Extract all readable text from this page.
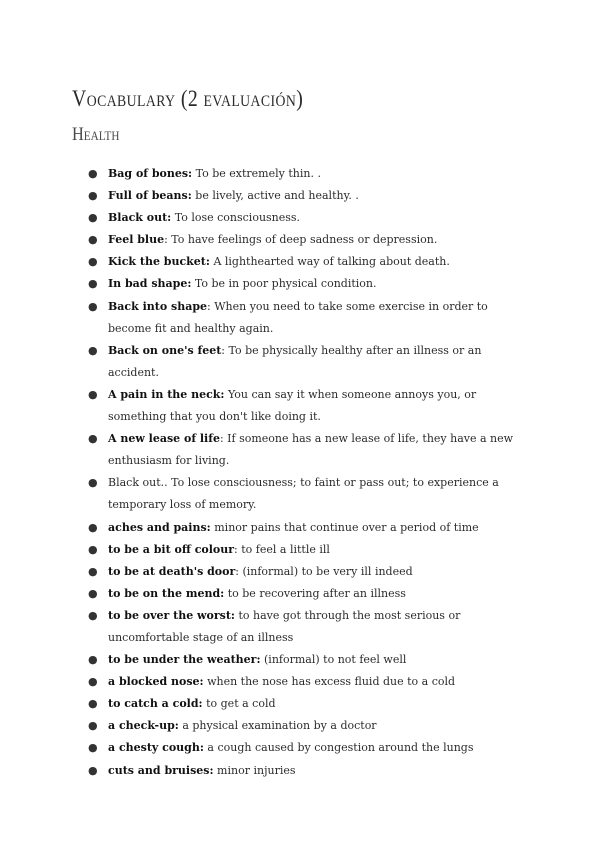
Vocabulary (2 evaluación)
Health
● Bag of bones: To be extremely thin. .
● Full of beans: be lively, active and healthy. .
● Black out: To lose consciousness.
● Feel blue: To have feelings of deep sadness or depression.
● Kick the bucket: A lighthearted way of talking about death.
● In bad shape: To be in poor physical condition.
● Back into shape: When you need to take some exercise in order to become fit and healthy again.
● Back on one's feet: To be physically healthy after an illness or an accident.
● A pain in the neck: You can say it when someone annoys you, or something that you don't like doing it.
● A new lease of life: If someone has a new lease of life, they have a new enthusiasm for living.
● Black out.. To lose consciousness; to faint or pass out; to experience a temporary loss of memory.
● aches and pains: minor pains that continue over a period of time
● to be a bit off colour: to feel a little ill
● to be at death's door: (informal) to be very ill indeed
● to be on the mend: to be recovering after an illness
● to be over the worst: to have got through the most serious or uncomfortable stage of an illness
● to be under the weather: (informal) to not feel well
● a blocked nose: when the nose has excess fluid due to a cold
● to catch a cold: to get a cold
● a check-up: a physical examination by a doctor
● a chesty cough: a cough caused by congestion around the lungs
● cuts and bruises: minor injuries
